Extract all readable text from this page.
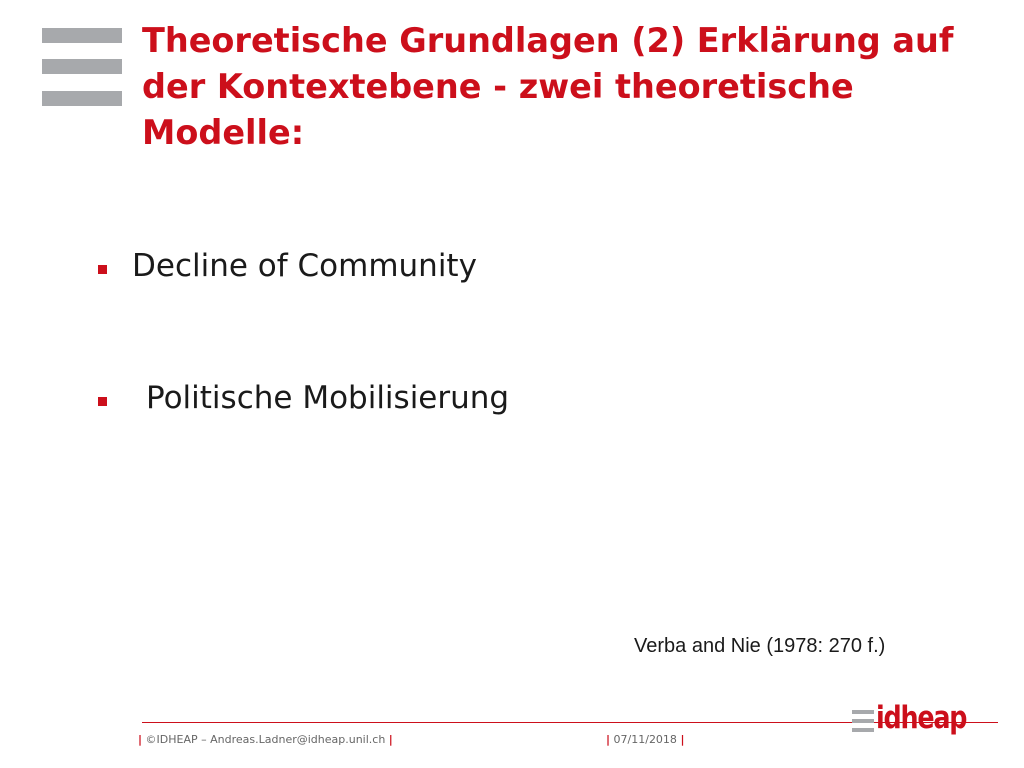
Theoretische Grundlagen (2) Erklärung auf der Kontextebene - zwei theoretische Modelle:
Decline of Community
Politische Mobilisierung
Verba and Nie (1978: 270 f.)
| ©IDHEAP – Andreas.Ladner@idheap.unil.ch |	| 07/11/2018 |
idheap
